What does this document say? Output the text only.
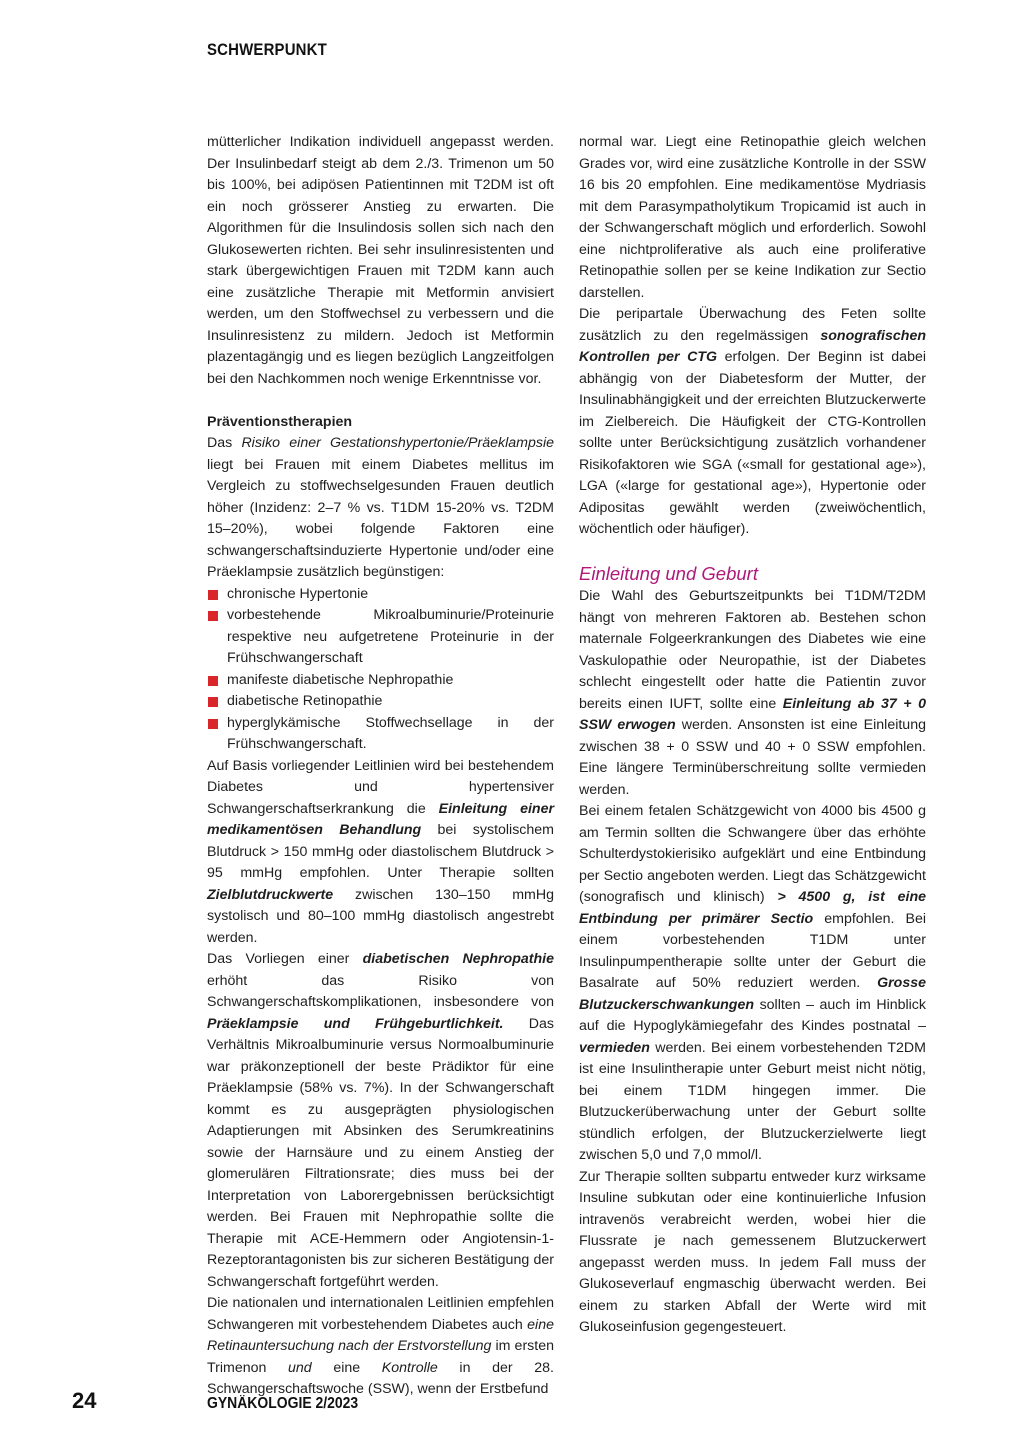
SCHWERPUNKT

mütterlicher Indikation individuell angepasst werden. Der Insulinbedarf steigt ab dem 2./3. Trimenon um 50 bis 100%, bei adipösen Patientinnen mit T2DM ist oft ein noch grösserer Anstieg zu erwarten. Die Algorithmen für die Insulindosis sollen sich nach den Glukosewerten richten. Bei sehr insulinresistenten und stark übergewichtigen Frauen mit T2DM kann auch eine zusätzliche Therapie mit Metformin anvisiert werden, um den Stoffwechsel zu verbessern und die Insulinresistenz zu mildern. Jedoch ist Metformin plazentagängig und es liegen bezüglich Langzeitfolgen bei den Nachkommen noch wenige Erkenntnisse vor.

Präventionstherapien

Das Risiko einer Gestationshypertonie/Präeklampsie liegt bei Frauen mit einem Diabetes mellitus im Vergleich zu stoffwechselgesunden Frauen deutlich höher (Inzidenz: 2–7 % vs. T1DM 15-20% vs. T2DM 15–20%), wobei folgende Faktoren eine schwangerschaftsinduzierte Hypertonie und/oder eine Präeklampsie zusätzlich begünstigen:

chronische Hypertonie
vorbestehende Mikroalbuminurie/Proteinurie respektive neu aufgetretene Proteinurie in der Frühschwangerschaft
manifeste diabetische Nephropathie
diabetische Retinopathie
hyperglykämische Stoffwechsellage in der Frühschwangerschaft.

Auf Basis vorliegender Leitlinien wird bei bestehendem Diabetes und hypertensiver Schwangerschaftserkrankung die Einleitung einer medikamentösen Behandlung bei systolischem Blutdruck > 150 mmHg oder diastolischem Blutdruck > 95 mmHg empfohlen. Unter Therapie sollten Zielblutdruckwerte zwischen 130–150 mmHg systolisch und 80–100 mmHg diastolisch angestrebt werden.

Das Vorliegen einer diabetischen Nephropathie erhöht das Risiko von Schwangerschaftskomplikationen, insbesondere von Präeklampsie und Frühgeburtlichkeit. Das Verhältnis Mikroalbuminurie versus Normoalbuminurie war präkonzeptionell der beste Prädiktor für eine Präeklampsie (58% vs. 7%). In der Schwangerschaft kommt es zu ausgeprägten physiologischen Adaptierungen mit Absinken des Serumkreatinins sowie der Harnsäure und zu einem Anstieg der glomerulären Filtrationsrate; dies muss bei der Interpretation von Laborergebnissen berücksichtigt werden. Bei Frauen mit Nephropathie sollte die Therapie mit ACE-Hemmern oder Angiotensin-1-Rezeptorantagonisten bis zur sicheren Bestätigung der Schwangerschaft fortgeführt werden.

Die nationalen und internationalen Leitlinien empfehlen Schwangeren mit vorbestehendem Diabetes auch eine Retinauntersuchung nach der Erstvorstellung im ersten Trimenon und eine Kontrolle in der 28. Schwangerschaftswoche (SSW), wenn der Erstbefund

normal war. Liegt eine Retinopathie gleich welchen Grades vor, wird eine zusätzliche Kontrolle in der SSW 16 bis 20 empfohlen. Eine medikamentöse Mydriasis mit dem Parasympatholytikum Tropicamid ist auch in der Schwangerschaft möglich und erforderlich. Sowohl eine nichtproliferative als auch eine proliferative Retinopathie sollen per se keine Indikation zur Sectio darstellen.

Die peripartale Überwachung des Feten sollte zusätzlich zu den regelmässigen sonografischen Kontrollen per CTG erfolgen. Der Beginn ist dabei abhängig von der Diabetesform der Mutter, der Insulinabhängigkeit und der erreichten Blutzuckerwerte im Zielbereich. Die Häufigkeit der CTG-Kontrollen sollte unter Berücksichtigung zusätzlich vorhandener Risikofaktoren wie SGA («small for gestational age»), LGA («large for gestational age»), Hypertonie oder Adipositas gewählt werden (zweiwöchentlich, wöchentlich oder häufiger).

Einleitung und Geburt

Die Wahl des Geburtszeitpunkts bei T1DM/T2DM hängt von mehreren Faktoren ab. Bestehen schon maternale Folgeerkrankungen des Diabetes wie eine Vaskulopathie oder Neuropathie, ist der Diabetes schlecht eingestellt oder hatte die Patientin zuvor bereits einen IUFT, sollte eine Einleitung ab 37 + 0 SSW erwogen werden. Ansonsten ist eine Einleitung zwischen 38 + 0 SSW und 40 + 0 SSW empfohlen. Eine längere Terminüberschreitung sollte vermieden werden.

Bei einem fetalen Schätzgewicht von 4000 bis 4500 g am Termin sollten die Schwangere über das erhöhte Schulterdystokierisiko aufgeklärt und eine Entbindung per Sectio angeboten werden. Liegt das Schätzgewicht (sonografisch und klinisch) > 4500 g, ist eine Entbindung per primärer Sectio empfohlen. Bei einem vorbestehenden T1DM unter Insulinpumpentherapie sollte unter der Geburt die Basalrate auf 50% reduziert werden. Grosse Blutzuckerschwankungen sollten – auch im Hinblick auf die Hypoglykämiegefahr des Kindes postnatal – vermieden werden. Bei einem vorbestehenden T2DM ist eine Insulintherapie unter Geburt meist nicht nötig, bei einem T1DM hingegen immer. Die Blutzuckerüberwachung unter der Geburt sollte stündlich erfolgen, der Blutzuckerzielwerte liegt zwischen 5,0 und 7,0 mmol/l.

Zur Therapie sollten subpartu entweder kurz wirksame Insuline subkutan oder eine kontinuierliche Infusion intravenös verabreicht werden, wobei hier die Flussrate je nach gemessenem Blutzuckerwert angepasst werden muss. In jedem Fall muss der Glukoseverlauf engmaschig überwacht werden. Bei einem zu starken Abfall der Werte wird mit Glukoseinfusion gegengesteuert.

24	GYNÄKOLOGIE 2/2023
